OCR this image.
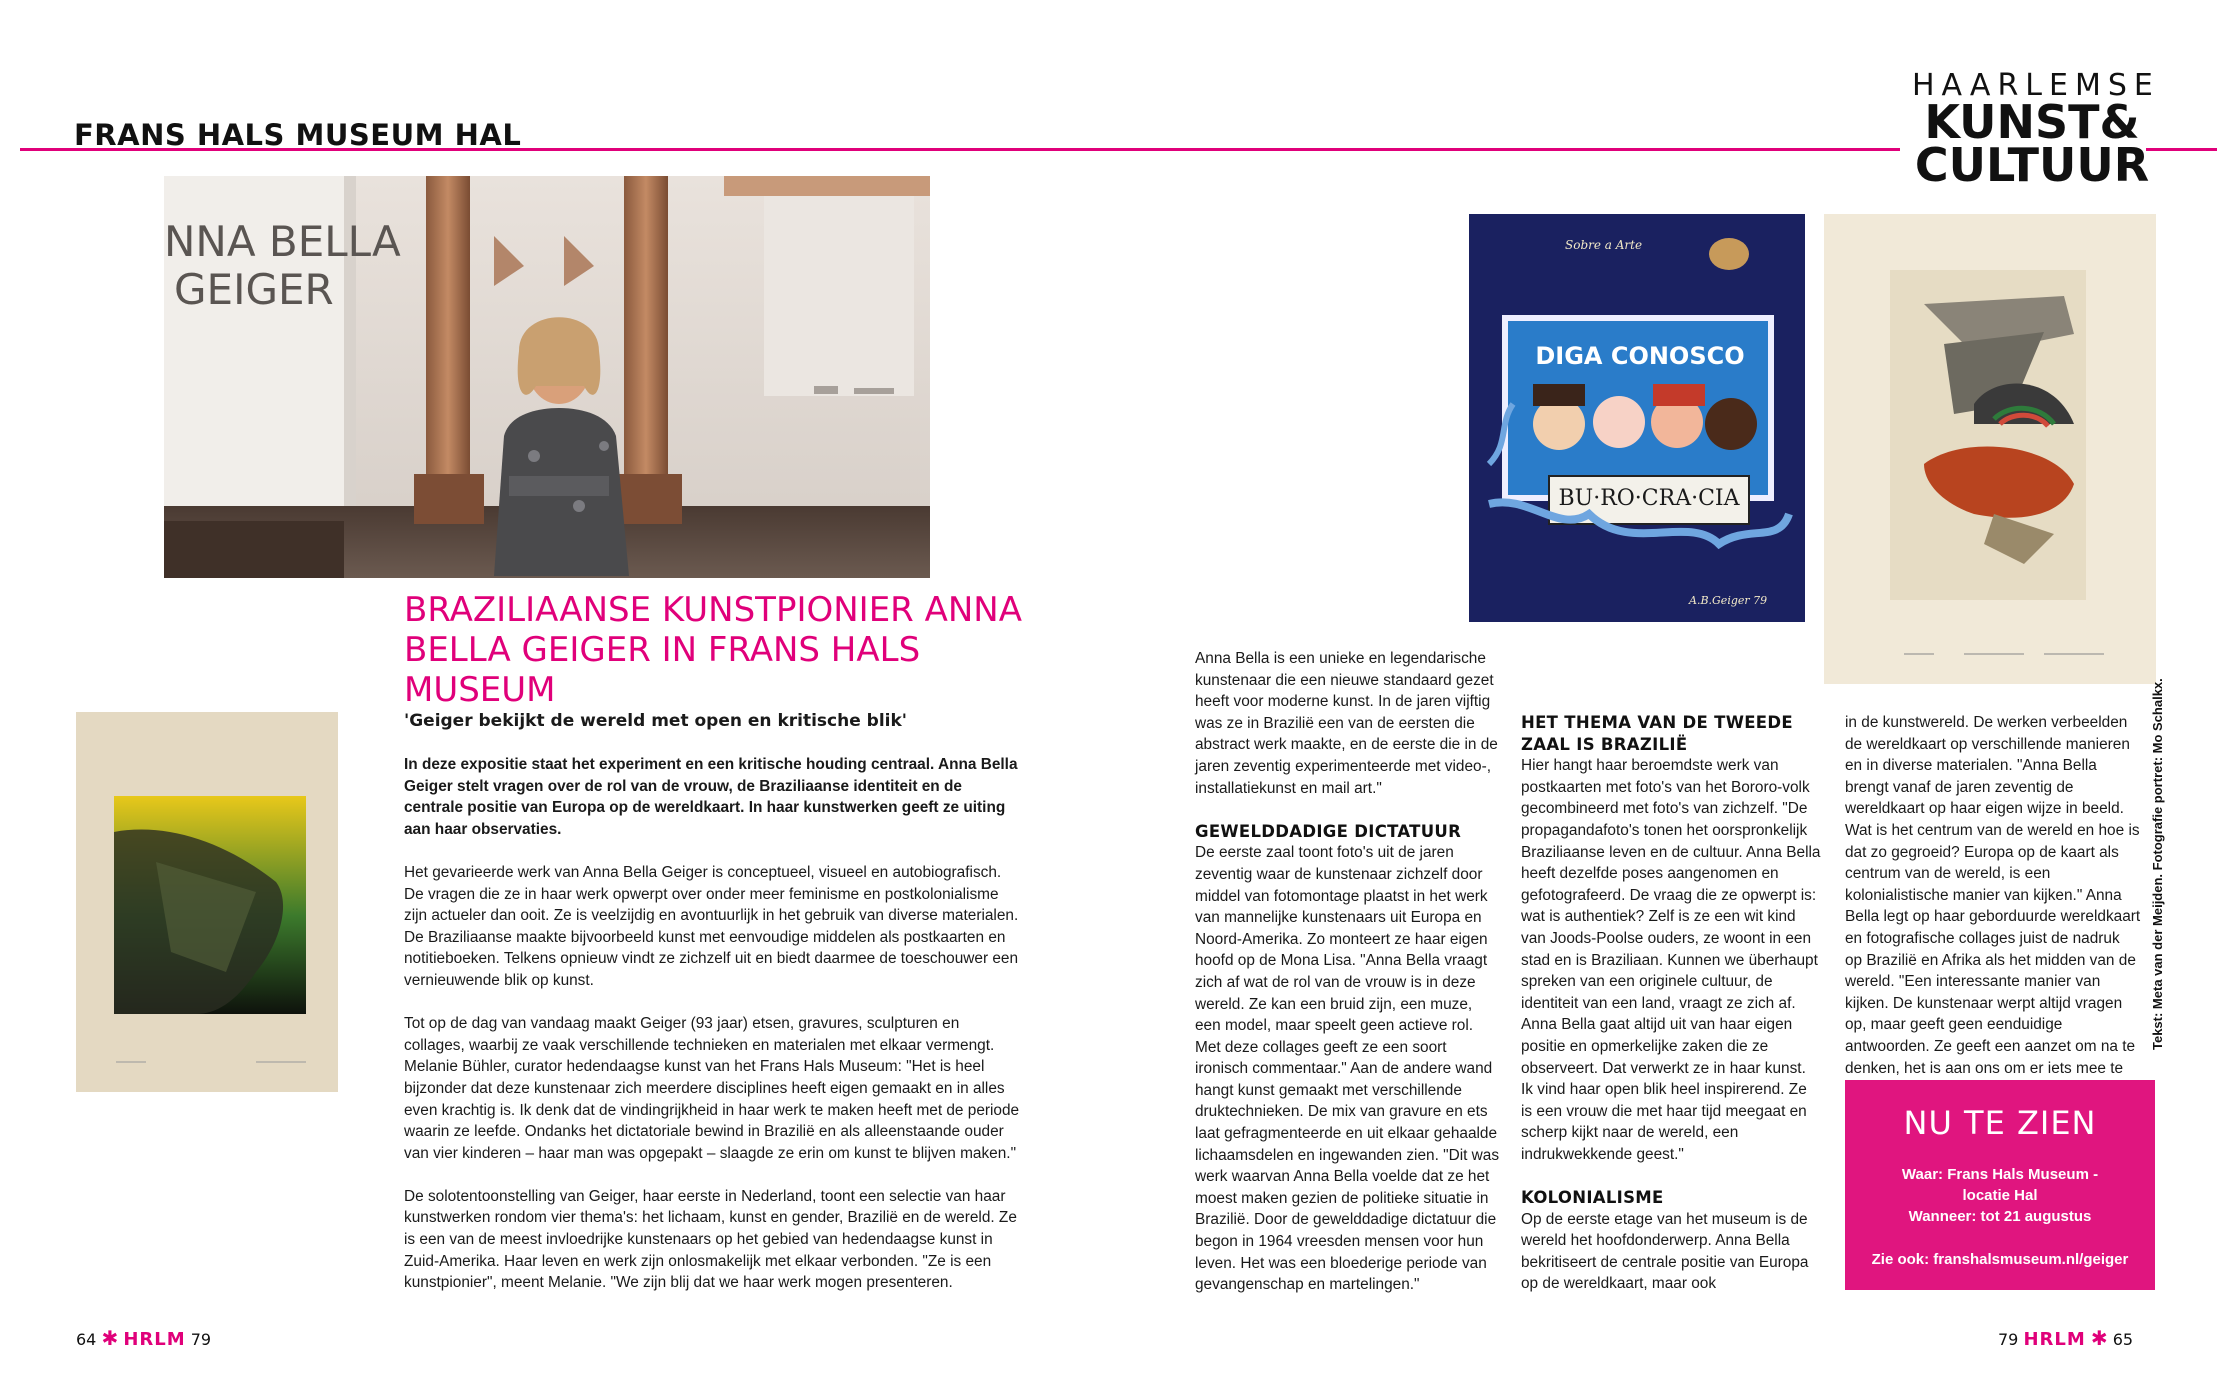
FRANS HALS MUSEUM HAL
HAARLEMSE
KUNST&
CULTUUR
NNA BELLA
GEIGER
BRAZILIAANSE KUNSTPIONIER ANNA BELLA GEIGER IN FRANS HALS MUSEUM
Sobre a Arte
DIGA CONOSCO
BU·RO·CRA·CIA
A.B.Geiger 79
'Geiger bekijkt de wereld met open en kritische blik'

In deze expositie staat het experiment en een kritische houding centraal. Anna Bella Geiger stelt vragen over de rol van de vrouw, de Braziliaanse identiteit en de centrale positie van Europa op de wereldkaart. In haar kunstwerken geeft ze uiting aan haar observaties.

Het gevarieerde werk van Anna Bella Geiger is conceptueel, visueel en autobiografisch. De vragen die ze in haar werk opwerpt over onder meer feminisme en postkolonialisme zijn actueler dan ooit. Ze is veelzijdig en avontuurlijk in het gebruik van diverse materialen. De Braziliaanse maakte bijvoorbeeld kunst met eenvoudige middelen als postkaarten en notitieboeken. Telkens opnieuw vindt ze zichzelf uit en biedt daarmee de toeschouwer een vernieuwende blik op kunst.

Tot op de dag van vandaag maakt Geiger (93 jaar) etsen, gravures, sculpturen en collages, waarbij ze vaak verschillende technieken en materialen met elkaar vermengt. Melanie Bühler, curator hedendaagse kunst van het Frans Hals Museum: "Het is heel bijzonder dat deze kunstenaar zich meerdere disciplines heeft eigen gemaakt en in alles even krachtig is. Ik denk dat de vindingrijkheid in haar werk te maken heeft met de periode waarin ze leefde. Ondanks het dictatoriale bewind in Brazilië en als alleenstaande ouder van vier kinderen – haar man was opgepakt – slaagde ze erin om kunst te blijven maken."

De solotentoonstelling van Geiger, haar eerste in Nederland, toont een selectie van haar kunstwerken rondom vier thema's: het lichaam, kunst en gender, Brazilië en de wereld. Ze is een van de meest invloedrijke kunstenaars op het gebied van hedendaagse kunst in Zuid-Amerika. Haar leven en werk zijn onlosmakelijk met elkaar verbonden. "Ze is een kunstpionier", meent Melanie. "We zijn blij dat we haar werk mogen presenteren.

Anna Bella is een unieke en legendarische kunstenaar die een nieuwe standaard gezet heeft voor moderne kunst. In de jaren vijftig was ze in Brazilië een van de eersten die abstract werk maakte, en de eerste die in de jaren zeventig experimenteerde met video-, installatiekunst en mail art."

GEWELDDADIGE DICTATUUR

De eerste zaal toont foto's uit de jaren zeventig waar de kunstenaar zichzelf door middel van fotomontage plaatst in het werk van mannelijke kunstenaars uit Europa en Noord-Amerika. Zo monteert ze haar eigen hoofd op de Mona Lisa. "Anna Bella vraagt zich af wat de rol van de vrouw is in deze wereld. Ze kan een bruid zijn, een muze, een model, maar speelt geen actieve rol. Met deze collages geeft ze een soort ironisch commentaar." Aan de andere wand hangt kunst gemaakt met verschillende druktechnieken. De mix van gravure en ets laat gefragmenteerde en uit elkaar gehaalde lichaamsdelen en ingewanden zien. "Dit was werk waarvan Anna Bella voelde dat ze het moest maken gezien de politieke situatie in Brazilië. Door de gewelddadige dictatuur die begon in 1964 vreesden mensen voor hun leven. Het was een bloederige periode van gevangenschap en martelingen."

HET THEMA VAN DE TWEEDE ZAAL IS BRAZILIË

Hier hangt haar beroemdste werk van postkaarten met foto's van het Bororo-volk gecombineerd met foto's van zichzelf. "De propagandafoto's tonen het oorspronkelijk Braziliaanse leven en de cultuur. Anna Bella heeft dezelfde poses aangenomen en gefotografeerd. De vraag die ze opwerpt is: wat is authentiek? Zelf is ze een wit kind van Joods-Poolse ouders, ze woont in een stad en is Braziliaan. Kunnen we überhaupt spreken van een originele cultuur, de identiteit van een land, vraagt ze zich af. Anna Bella gaat altijd uit van haar eigen positie en opmerkelijke zaken die ze observeert. Dat verwerkt ze in haar kunst. Ik vind haar open blik heel inspirerend. Ze is een vrouw die met haar tijd meegaat en scherp kijkt naar de wereld, een indrukwekkende geest."

KOLONIALISME

Op de eerste etage van het museum is de wereld het hoofdonderwerp. Anna Bella bekritiseert de centrale positie van Europa op de wereldkaart, maar ook

in de kunstwereld. De werken verbeelden de wereldkaart op verschillende manieren en in diverse materialen. "Anna Bella brengt vanaf de jaren zeventig de wereldkaart op haar eigen wijze in beeld. Wat is het centrum van de wereld en hoe is dat zo gegroeid? Europa op de kaart als centrum van de wereld, is een kolonialistische manier van kijken." Anna Bella legt op haar geborduurde wereldkaart en fotografische collages juist de nadruk op Brazilië en Afrika als het midden van de wereld. "Een interessante manier van kijken. De kunstenaar werpt altijd vragen op, maar geeft geen eenduidige antwoorden. Ze geeft een aanzet om na te denken, het is aan ons om er iets mee te

NU TE ZIEN
Waar: Frans Hals Museum -
locatie Hal
Wanneer: tot 21 augustus
Zie ook: franshalsmuseum.nl/geiger
Tekst: Meta van der Meijden. Fotografie portret: Mo Schalkx.
64 ✱ HRLM 79	79 HRLM ✱ 65
